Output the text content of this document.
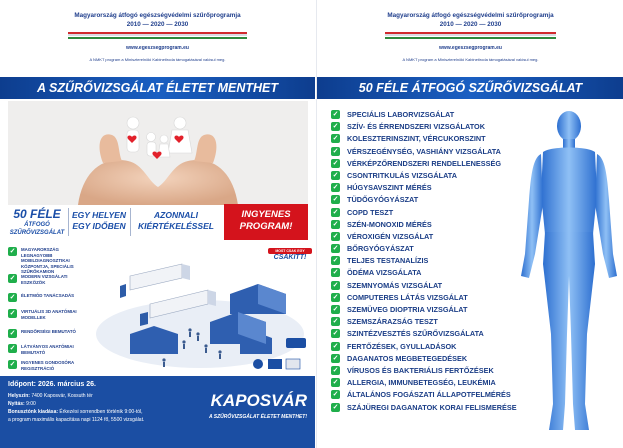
Magyarország átfogó egészségvédelmi szűrőprogramja
2010 — 2020 — 2030
www.egeszsegprogram.eu
A NMKT program a Miniszterelnöki Kabinetiroda támogatásával valósul meg.
A SZŰRŐVIZSGÁLAT ÉLETET MENTHET
50 FÉLE
ÁTFOGÓ SZŰRŐVIZSGÁLAT
EGY HELYEN
EGY IDŐBEN
AZONNALI
KIÉRTÉKELÉSSEL
INGYENES
PROGRAM!
✓	MAGYARORSZÁG LEGNAGYOBB MOBILDIAGNOSZTIKAI KÖZPONTJA, SPECIÁLIS SZŰRŐKAMION
✓	MODERN VIZSGÁLATI ESZKÖZÖK
✓	ÉLETMÓD TANÁCSADÁS
✓	VIRTUÁLIS 3D ANATÓMIAI MODELLEK
✓	RENDŐRSÉGI BEMUTATÓ
✓	LÁTVÁNYOS ANATÓMIAI BEMUTATÓ
✓	INGYENES GONDOSÓRA REGISZTRÁCIÓ
MOST CSAK EGY
CSAKITT!
Időpont: 2026. március 26.
Helyszín: 7400 Kaposvár, Kossuth tér
Nyitás: 9:00
Bonusztónk kiadása: Érkezési sorrendben történik 9:00-tól,
a program maximális kapacitása napi 1124 fő, 5500 vizsgálat.
KAPOSVÁR
A SZŰRŐVIZSGÁLAT ÉLETET MENTHET!
Magyarország átfogó egészségvédelmi szűrőprogramja
2010 — 2020 — 2030
www.egeszsegprogram.eu
A NMKT program a Miniszterelnöki Kabinetiroda támogatásával valósul meg.
50 FÉLE ÁTFOGÓ SZŰRŐVIZSGÁLAT
✓ SPECIÁLIS LABORVIZSGÁLAT
✓ SZÍV- ÉS ÉRRENDSZERI VIZSGÁLATOK
✓ KOLESZTERINSZINT, VÉRCUKORSZINT
✓ VÉRSZEGÉNYSÉG, VASHIÁNY VIZSGÁLATA
✓ VÉRKÉPZŐRENDSZERI RENDELLENESSÉG
✓ CSONTRITKULÁS VIZSGÁLATA
✓ HÚGYSAVSZINT MÉRÉS
✓ TÜDŐGYÓGYÁSZAT
✓ COPD TESZT
✓ SZÉN-MONOXID MÉRÉS
✓ VÉROXIGÉN VIZSGÁLAT
✓ BŐRGYÓGYÁSZAT
✓ TELJES TESTANALÍZIS
✓ ÖDÉMA VIZSGÁLATA
✓ SZEMNYOMÁS VIZSGÁLAT
✓ COMPUTERES LÁTÁS VIZSGÁLAT
✓ SZEMÜVEG DIOPTRIA VIZSGÁLAT
✓ SZEMSZÁRAZSÁG TESZT
✓ SZINTÉZVESZTÉS SZŰRŐVIZSGÁLATA
✓ FERTŐZÉSEK, GYULLADÁSOK
✓ DAGANATOS MEGBETEGEDÉSEK
✓ VÍRUSOS ÉS BAKTERIÁLIS FERTŐZÉSEK
✓ ALLERGIA, IMMUNBETEGSÉG, LEUKÉMIA
✓ ÁLTALÁNOS FOGÁSZATI ÁLLAPOTFELMÉRÉS
✓ SZÁJÜREGI DAGANATOK KORAI FELISMERÉSE
